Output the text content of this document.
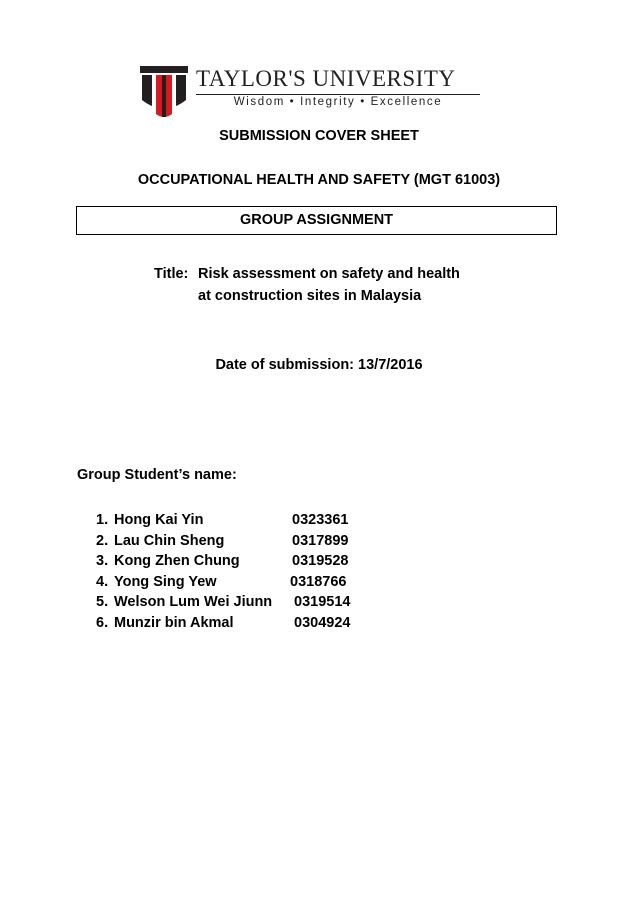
TAYLOR'S UNIVERSITY
Wisdom • Integrity • Excellence
SUBMISSION COVER SHEET
OCCUPATIONAL HEALTH AND SAFETY (MGT 61003)
GROUP ASSIGNMENT
Title: Risk assessment on safety and health
at construction sites in Malaysia
Date of submission: 13/7/2016
Group Student’s name:
1. Hong Kai Yin	0323361
2. Lau Chin Sheng	0317899
3. Kong Zhen Chung	0319528
4. Yong Sing Yew	0318766
5. Welson Lum Wei Jiunn 0319514
6. Munzir bin Akmal	0304924
